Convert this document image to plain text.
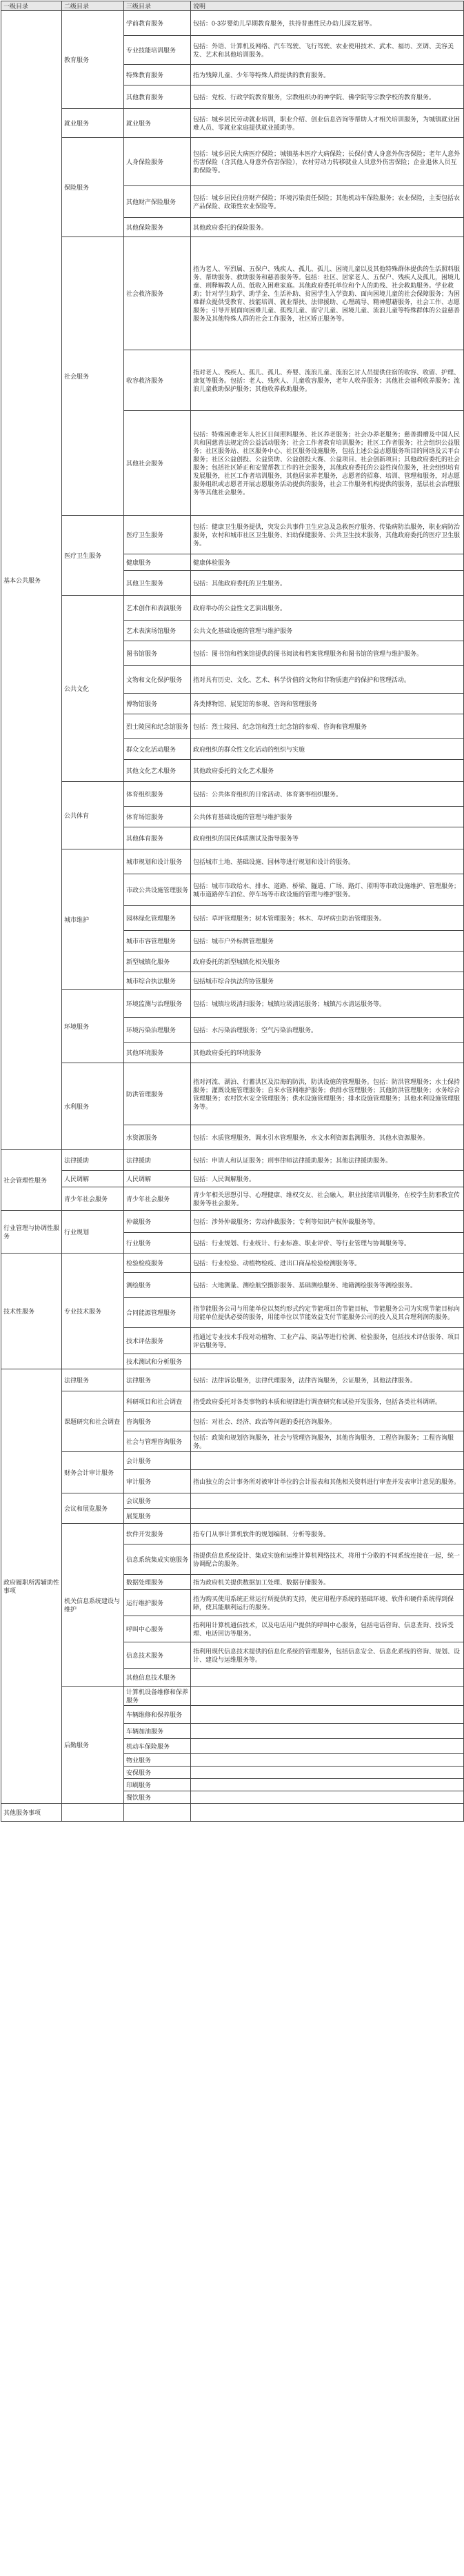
一级目录	二级目录	三级目录	说明
基本公共服务	教育服务	学前教育服务	包括：0-3岁婴幼儿早期教育服务，扶持普惠性民办幼儿园发展等。
		专业技能培训服务	包括：外语、计算机及网络、汽车驾驶、飞行驾驶、农业使用技术、武术、福坊、烹调、美容美发、艺术和其他培训服务。
		特殊教育服务	指为残障儿童、少年等特殊人群提供的教育服务。
		其他教育服务	包括：党校、行政学院教育服务，宗教组织办的神学院、佛学院等宗教学校的教育服务。
	就业服务	就业服务	包括：城乡居民劳动就业培训，职业介绍、创业信息咨询等帮助人才相关培训服务，为城镇就业困难人员、零就业家庭提供就业援助等。
	保险服务	人身保险服务	包括：城乡居民大病医疗保险；城镇基本医疗大病保险；长保付费人身意外伤害保险；老年人意外伤害保险（含其他人身意外伤害保险），农村劳动力转移就业人员意外伤害保险；企业退休人员互助保险等。
		其他财产保险服务	包括：城乡居民住房财产保险；环境污染责任保险；其他机动车保险服务；农业保险，主要包括农产品保险、政策性农业保险等。
		其他保险服务	其他政府委托的保险服务。
	社会服务	社会救济服务	指为老人、军烈属、五保户、残疾人、孤儿、孤儿、困境儿童以及其他特殊群体提供的生活照料服务、帮助服务、救助服务和慈善服务等。包括：社区、居家老人、五保户、残疾人及孤儿，困境儿童、刑释解教人员、低收入困难家庭。其他政府委托单位和个人的助残、社会救助服务。学业救助；针对学生助学、助学金、生活补助、贫困学生入学资助、面向困境儿童的社会保障服务；为困难群众提供受教育、技能培训、就业帮扶、法律援助、心理疏导、精神慰藉服务，社会工作、志愿服务；引导开展面向困难儿童、孤残儿童、留守儿童、困境儿童、流浪儿童等特殊群体的公益慈善服务及其他特殊人群的社会工作服务，社区矫正服务等。
		收容救济服务	指对老人、残疾人、孤儿、孤儿、弃婴、流浪儿童、流浪乞讨人员提供住宿的收容、收留、护理、康复等服务。包括：老人、残疾人、儿童收容服务，老年人收养服务；其他社会福利收养服务；流浪儿童救助保护服务；其他收养救助服务。
		其他社会服务	包括：特殊困难老年人社区日间照料服务、社区养老服务；社会办养老服务；慈善捐赠及中国人民共和国慈善法规定的公益活动服务；社会工作者教育培训服务；社区工作者服务；社会组织公益服务；社区服务站、社区服务中心、社区服务设施服务，包括上述公益志愿服务项目的网络及云平台服务；社区公益创投、公益资助、公益创投大赛、公益项目、社会创新项目；其他政府委托的社会服务；包括社区矫正和安置帮教工作的社会服务，其他政府委托的公益性岗位服务，社会组织培育发展服务，社区工作者培训服务，其他居家养老服务，志愿者的招募、培训、管理和服务，对志愿服务组织或志愿者开展志愿服务活动提供的服务，社会工作服务机构提供的服务，基层社会治理服务等其他社会服务。
	医疗卫生服务	医疗卫生服务	包括：健康卫生服务提供，突发公共事件卫生应急及急救医疗服务、传染病防治服务，职业病防治服务，农村和城市社区卫生服务、妇幼保健服务、公共卫生技术服务，其他政府委托的医疗卫生服务。
		健康服务	健康体检服务
		其他卫生服务	包括：其他政府委托的卫生服务。
	公共文化	艺术创作和表演服务	政府举办的公益性文艺演出服务。
		艺术表演场馆服务	公共文化基础设施的管理与维护服务
		图书馆服务	包括：图书馆和档案馆提供的图书阅读和档案管理服务和图书馆的管理与维护服务。
		文物和文化保护服务	指对具有历史、文化、艺术、科学价值的文物和非物质遗产的保护和管理活动。
		博物馆服务	各类博物馆、展览馆的参观、咨询和管理服务
		烈士陵园和纪念馆服务	包括：烈士陵园、纪念馆和烈士纪念馆的参观、咨询和管理服务
		群众文化活动服务	政府组织的群众性文化活动的组织与实施
		其他文化艺术服务	其他政府委托的文化艺术服务
	公共体育	体育组织服务	包括：公共体育组织的日常活动、体育赛事组织服务。
		体育场馆服务	公共体育基础设施的管理与维护服务
		其他体育服务	政府组织的国民体质测试及指导服务等
	城市维护	城市规划和设计服务	包括城市土地、基础设施、园林等进行规划和设计的服务。
		市政公共设施管理服务	包括：城市市政给水、排水、道路、桥梁、隧道、广场、路灯、照明等市政设施维护、管理服务；城市道路停车泊位、停车场等市政设施的管理与维护服务。
		园林绿化管理服务	包括：草坪管理服务；树木管理服务；林木、草坪病虫防治管理服务。
		城市市容管理服务	包括：城市户外标牌管理服务
		新型城镇化服务	政府委托的新型城镇化相关服务
		城市综合执法服务	包括城市综合执法的协管服务
	环境服务	环境监测与治理服务	包括：城镇垃圾清扫服务；城镇垃圾清运服务；城镇污水清运服务等。
		环境污染治理服务	包括：水污染治理服务；空气污染治理服务。
		其他环境服务	其他政府委托的环境服务
	水利服务	防洪管理服务	指对河流、湖泊、行蓄洪区及沿海的防洪，防洪设施的管理服务。包括：防洪管理服务；水土保持服务；灌溉设施管理服务；自来水管网维护服务；供排水管理服务；其他防洪管理服务；水务综合管理服务；农村饮水安全管理服务；供水设施管理服务；排水设施管理服务；其他水利设施管理服务等。
		水资源服务	包括：水质管理服务，调水引水管理服务，水文水利资源监测服务，其他水资源服务。
社会管理性服务	法律援助	法律援助	包括：申请人和认证服务；刑事律师法律援助服务；其他法律援助服务。
	人民调解	人民调解	包括：人民调解服务。
	青少年社会服务	青少年社会服务	青少年相关思想引导、心理健康、维权交友、社会融入，职业技能培训服务，在校学生防邪教宣传服务等社会服务。
行业管理与协调性服务	行业规划	仲裁服务	包括：涉外仲裁服务；劳动仲裁服务；专利等知识产权仲裁服务等。
		行业服务	包括：行业规划、行业统计、行业标准、职业评价、等行业管理与协调服务等。
技术性服务	专业技术服务	检验检疫服务	包括：行业检验、动植物检疫、进出口商品检验检测服务等。
		测绘服务	包括：大地测量、测绘航空摄影服务、基础测绘服务、地籍测绘服务等测绘服务。
		合同能源管理服务	指节能服务公司与用能单位以契约形式约定节能项目的节能目标，节能服务公司为实现节能目标向用能单位提供必要的服务，用能单位以节能效益支付节能服务公司的投入及其合理利润的服务。
		技术评估服务	指通过专业技术手段对动植物、工业产品、商品等进行检测、检验服务，包括技术评估服务、项目评估服务等。
		技术测试和分析服务	
政府履职所需辅助性事项	法律服务	法律服务	包括：法律诉讼服务，法律代理服务，法律咨询服务，公证服务，其他法律服务。
	课题研究和社会调查	科研项目和社会调查	指受政府委托对各类事物的本质和规律进行调查研究和试验开发服务，包括各类社科调研。
		咨询服务	包括：对社会、经济、政治等问题的委托咨询服务。
		社会与管理咨询服务	包括：政策和规划咨询服务，社会与管理咨询服务，其他咨询服务，工程咨询服务；工程咨询服务。
	财务会计审计服务	会计服务	
		审计服务	指由独立的会计事务所对被审计单位的会计报表和其他相关资料进行审查并发表审计意见的服务。
	会议和展览服务	会议服务	
		展览服务	
	机关信息系统建设与维护	软件开发服务	指专门从事计算机软件的规划编制、分析等服务。
		信息系统集成实施服务	指提供信息系统设计、集成实施和运维计算机网络技术，将用于分散的不同系统连接在一起，统一协调配合的服务。
		数据处理服务	指为政府机关提供数据加工处理、数据存储服务。
		运行维护服务	指为购买使用系统正常运行所提供的支持，使应用程序系统的基础环境、软件和硬件系统得到保障，使其能顺利运行的服务。
		呼叫中心服务	指利用计算机通信技术，以及电话用户提供的呼叫中心服务，包括电话咨询、信息查询、投诉受理、电话回访等服务。
		信息技术服务	指利用现代信息技术提供的信息化系统的管理服务，包括信息安全、信息化系统的咨询、规划、设计、建设与运维服务等。
		其他信息技术服务	
	后勤服务	计算机设备维修和保养服务	
		车辆维修和保养服务	
		车辆加油服务	
		机动车保险服务	
		物业服务	
		安保服务	
		印刷服务	
		餐饮服务	
其他服务事项			
